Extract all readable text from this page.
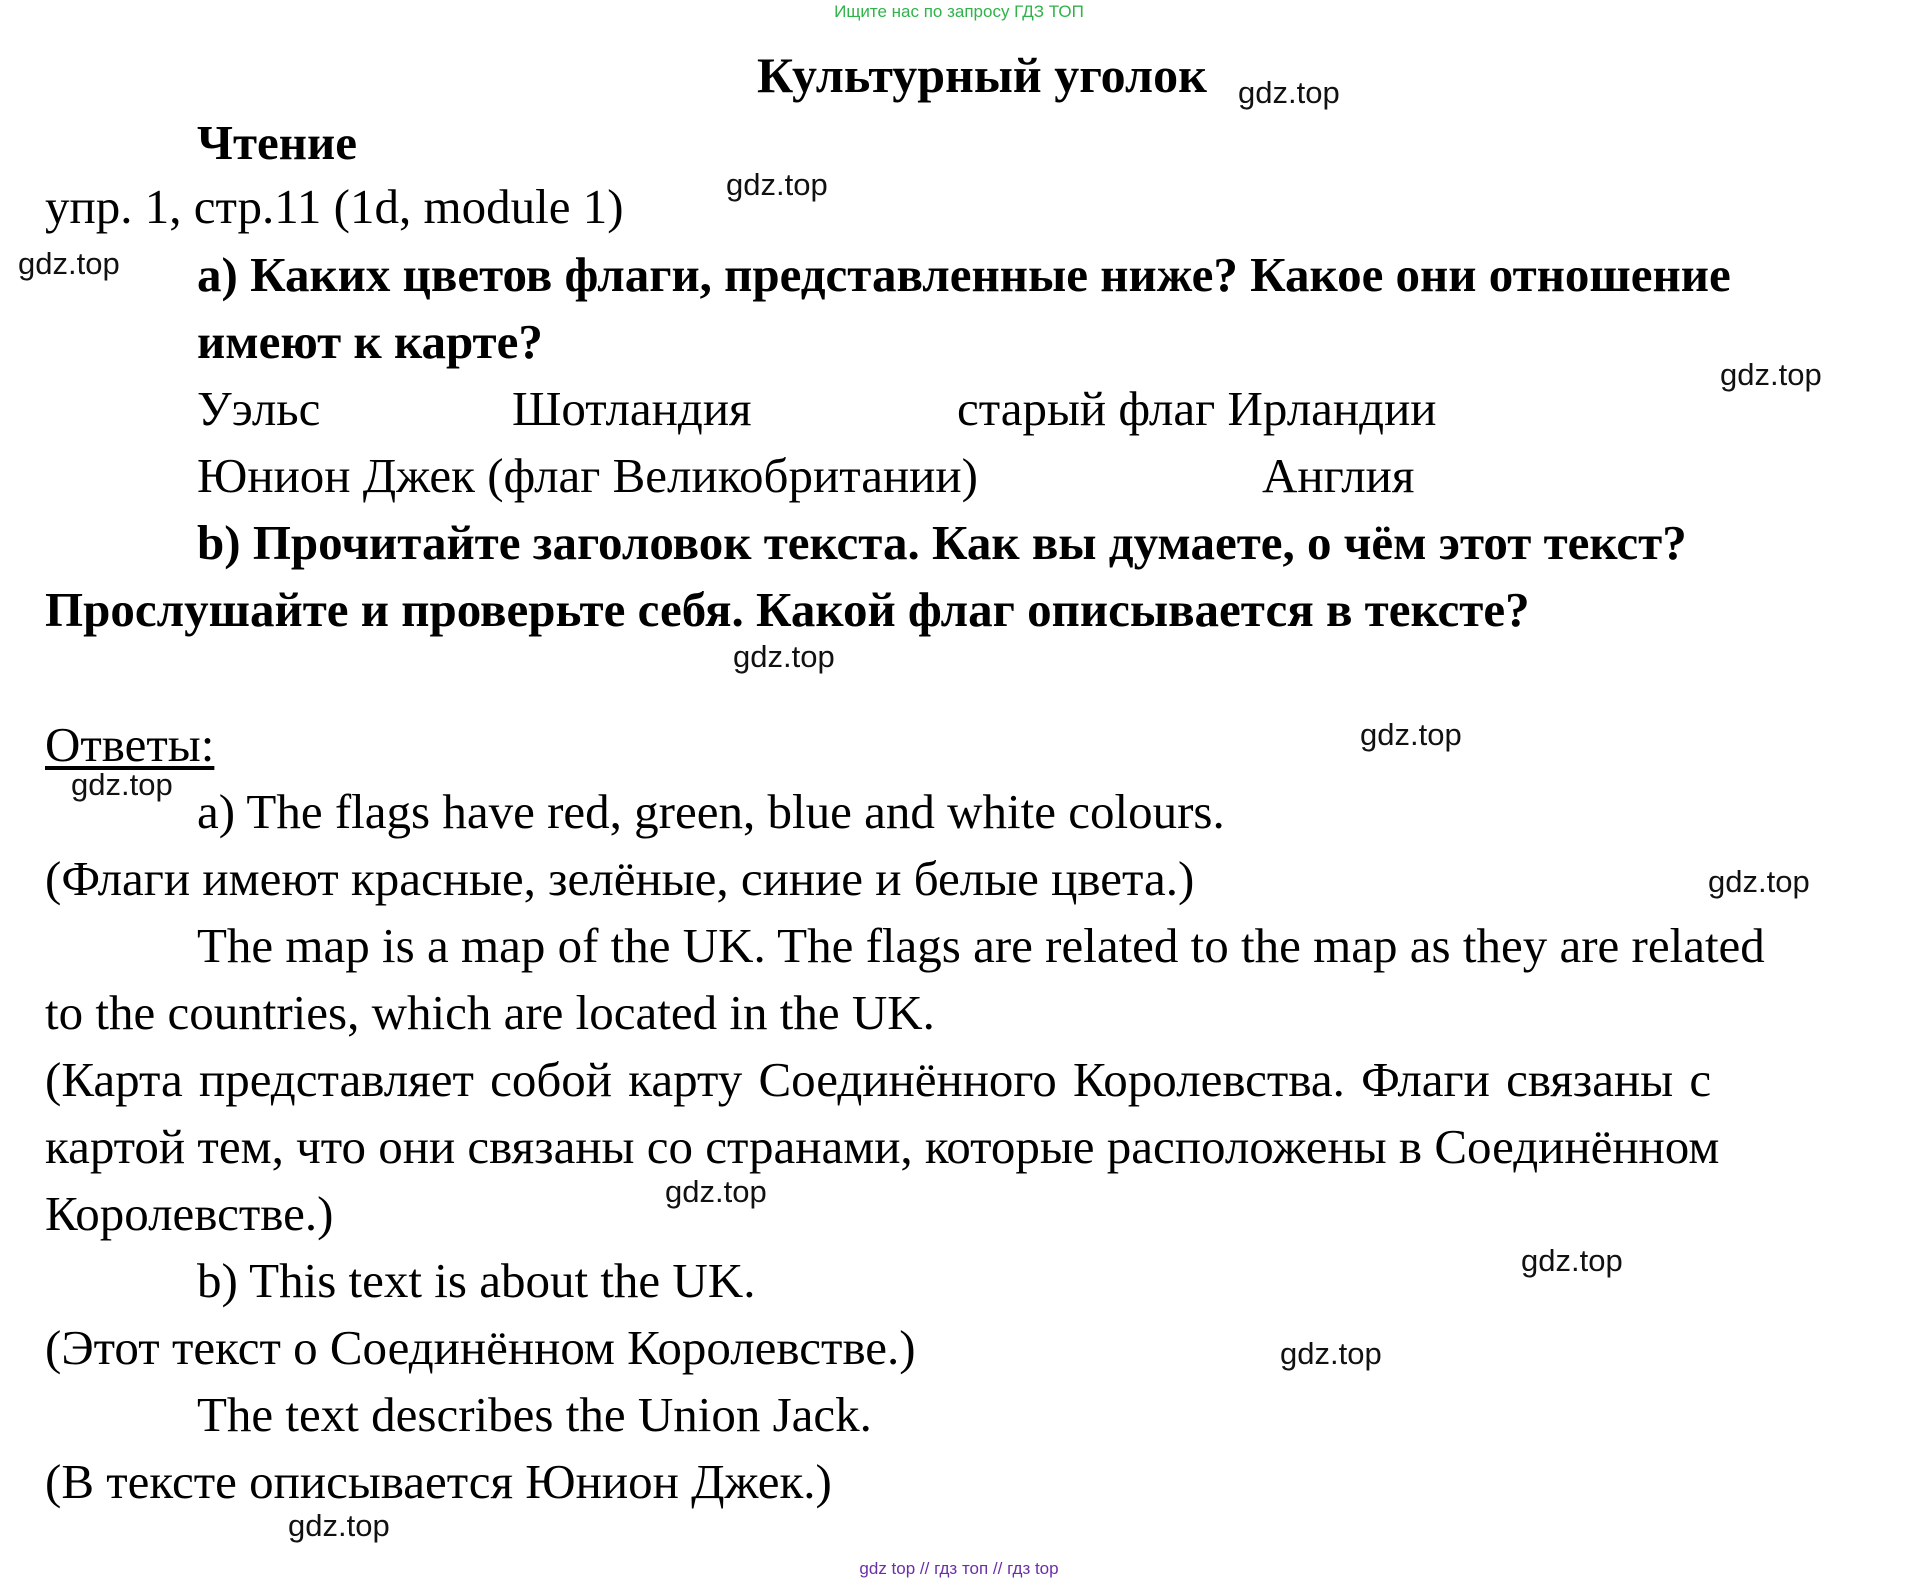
Ищите нас по запросу ГДЗ ТОП
Культурный уголок
Чтение
упр. 1, стр.11 (1d, module 1)
a) Каких цветов флаги, представленные ниже? Какое они отношение
имеют к карте?
Уэльс	Шотландия	старый флаг Ирландии
Юнион Джек (флаг Великобритании)	Англия
b) Прочитайте заголовок текста. Как вы думаете, о чём этот текст?
Прослушайте и проверьте себя. Какой флаг описывается в тексте?
Ответы:
a) The flags have red, green, blue and white colours.
(Флаги имеют красные, зелёные, синие и белые цвета.)
The map is a map of the UK. The flags are related to the map as they are related
to the countries, which are located in the UK.
(Карта представляет собой карту Соединённого Королевства. Флаги связаны с
картой тем, что они связаны со странами, которые расположены в Соединённом
Королевстве.)
b) This text is about the UK.
(Этот текст о Соединённом Королевстве.)
The text describes the Union Jack.
(В тексте описывается Юнион Джек.)
gdz.top
gdz.top
gdz.top
gdz.top
gdz.top
gdz.top
gdz.top
gdz.top
gdz.top
gdz.top
gdz.top
gdz.top
gdz top // гдз топ // гдз top
